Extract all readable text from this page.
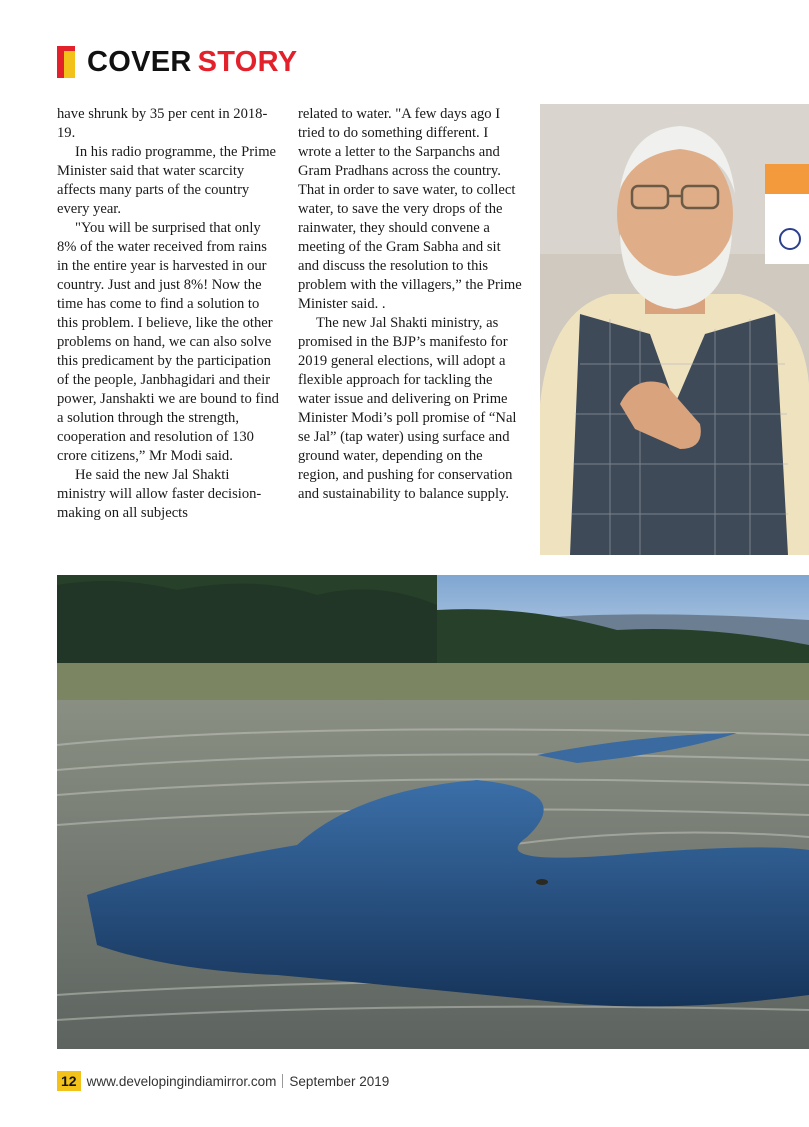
COVER STORY

have shrunk by 35 per cent in 2018-19.

In his radio programme, the Prime Minister said that water scarcity affects many parts of the country every year.

"You will be surprised that only 8% of the water received from rains in the entire year is harvested in our country. Just and just 8%! Now the time has come to find a solution to this problem. I believe, like the other problems on hand, we can also solve this predicament by the participation of the people, Janbhagidari and their power, Janshakti we are bound to find a solution through the strength, cooperation and resolution of 130 crore citizens,” Mr Modi said.

He said the new Jal Shakti ministry will allow faster decision-making on all subjects

related to water. "A few days ago I tried to do something different. I wrote a letter to the Sarpanchs and Gram Pradhans across the country. That in order to save water, to collect water, to save the very drops of the rainwater, they should convene a meeting of the Gram Sabha and sit and discuss the resolution to this problem with the villagers,” the Prime Minister said. .

The new Jal Shakti ministry, as promised in the BJP’s manifesto for 2019 general elections, will adopt a flexible approach for tackling the water issue and delivering on Prime Minister Modi’s poll promise of “Nal se Jal” (tap water) using surface and ground water, depending on the region, and pushing for conservation and sustainability to balance supply.

12 www.developingindiamirror.com September 2019
